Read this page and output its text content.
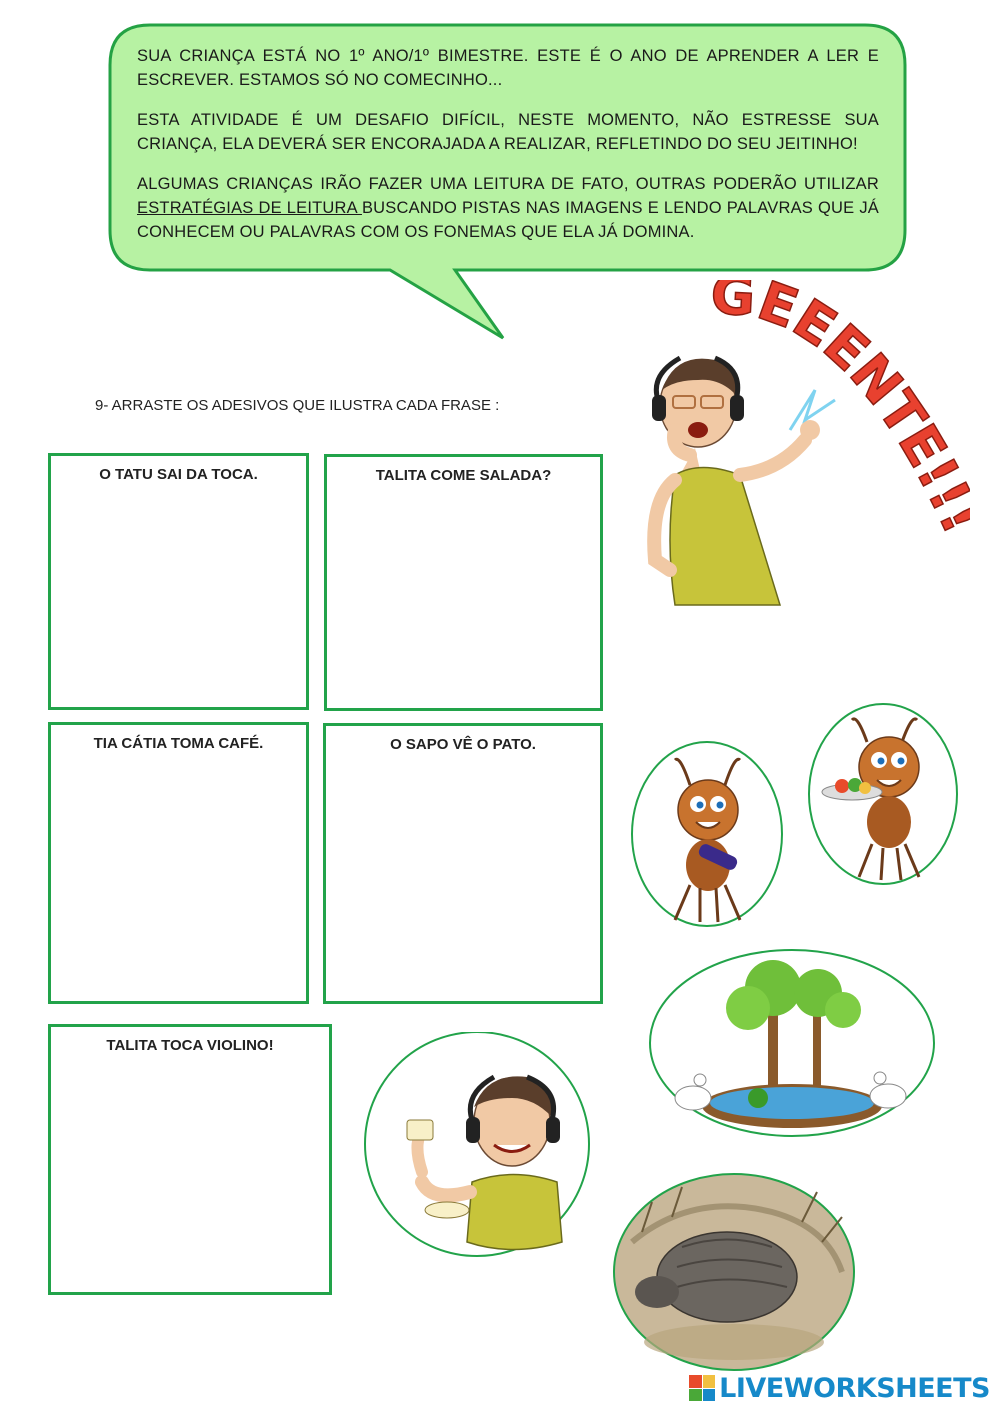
SUA CRIANÇA ESTÁ NO 1º ANO/1º BIMESTRE. ESTE É O ANO DE APRENDER A LER E ESCREVER. ESTAMOS SÓ NO COMECINHO...

ESTA ATIVIDADE É UM DESAFIO DIFÍCIL, NESTE MOMENTO, NÃO ESTRESSE SUA CRIANÇA, ELA DEVERÁ SER ENCORAJADA A REALIZAR, REFLETINDO DO SEU JEITINHO!

ALGUMAS CRIANÇAS IRÃO FAZER UMA LEITURA DE FATO, OUTRAS PODERÃO UTILIZAR ESTRATÉGIAS DE LEITURA BUSCANDO PISTAS NAS IMAGENS E LENDO PALAVRAS QUE JÁ CONHECEM OU PALAVRAS COM OS FONEMAS QUE ELA JÁ DOMINA.

GEEENTE!
9- ARRASTE OS ADESIVOS QUE ILUSTRA CADA FRASE :
O TATU SAI DA TOCA.	TALITA COME SALADA?
TIA CÁTIA TOMA CAFÉ.	O SAPO VÊ O PATO.
TALITA TOCA VIOLINO!
LIVEWORKSHEETS
